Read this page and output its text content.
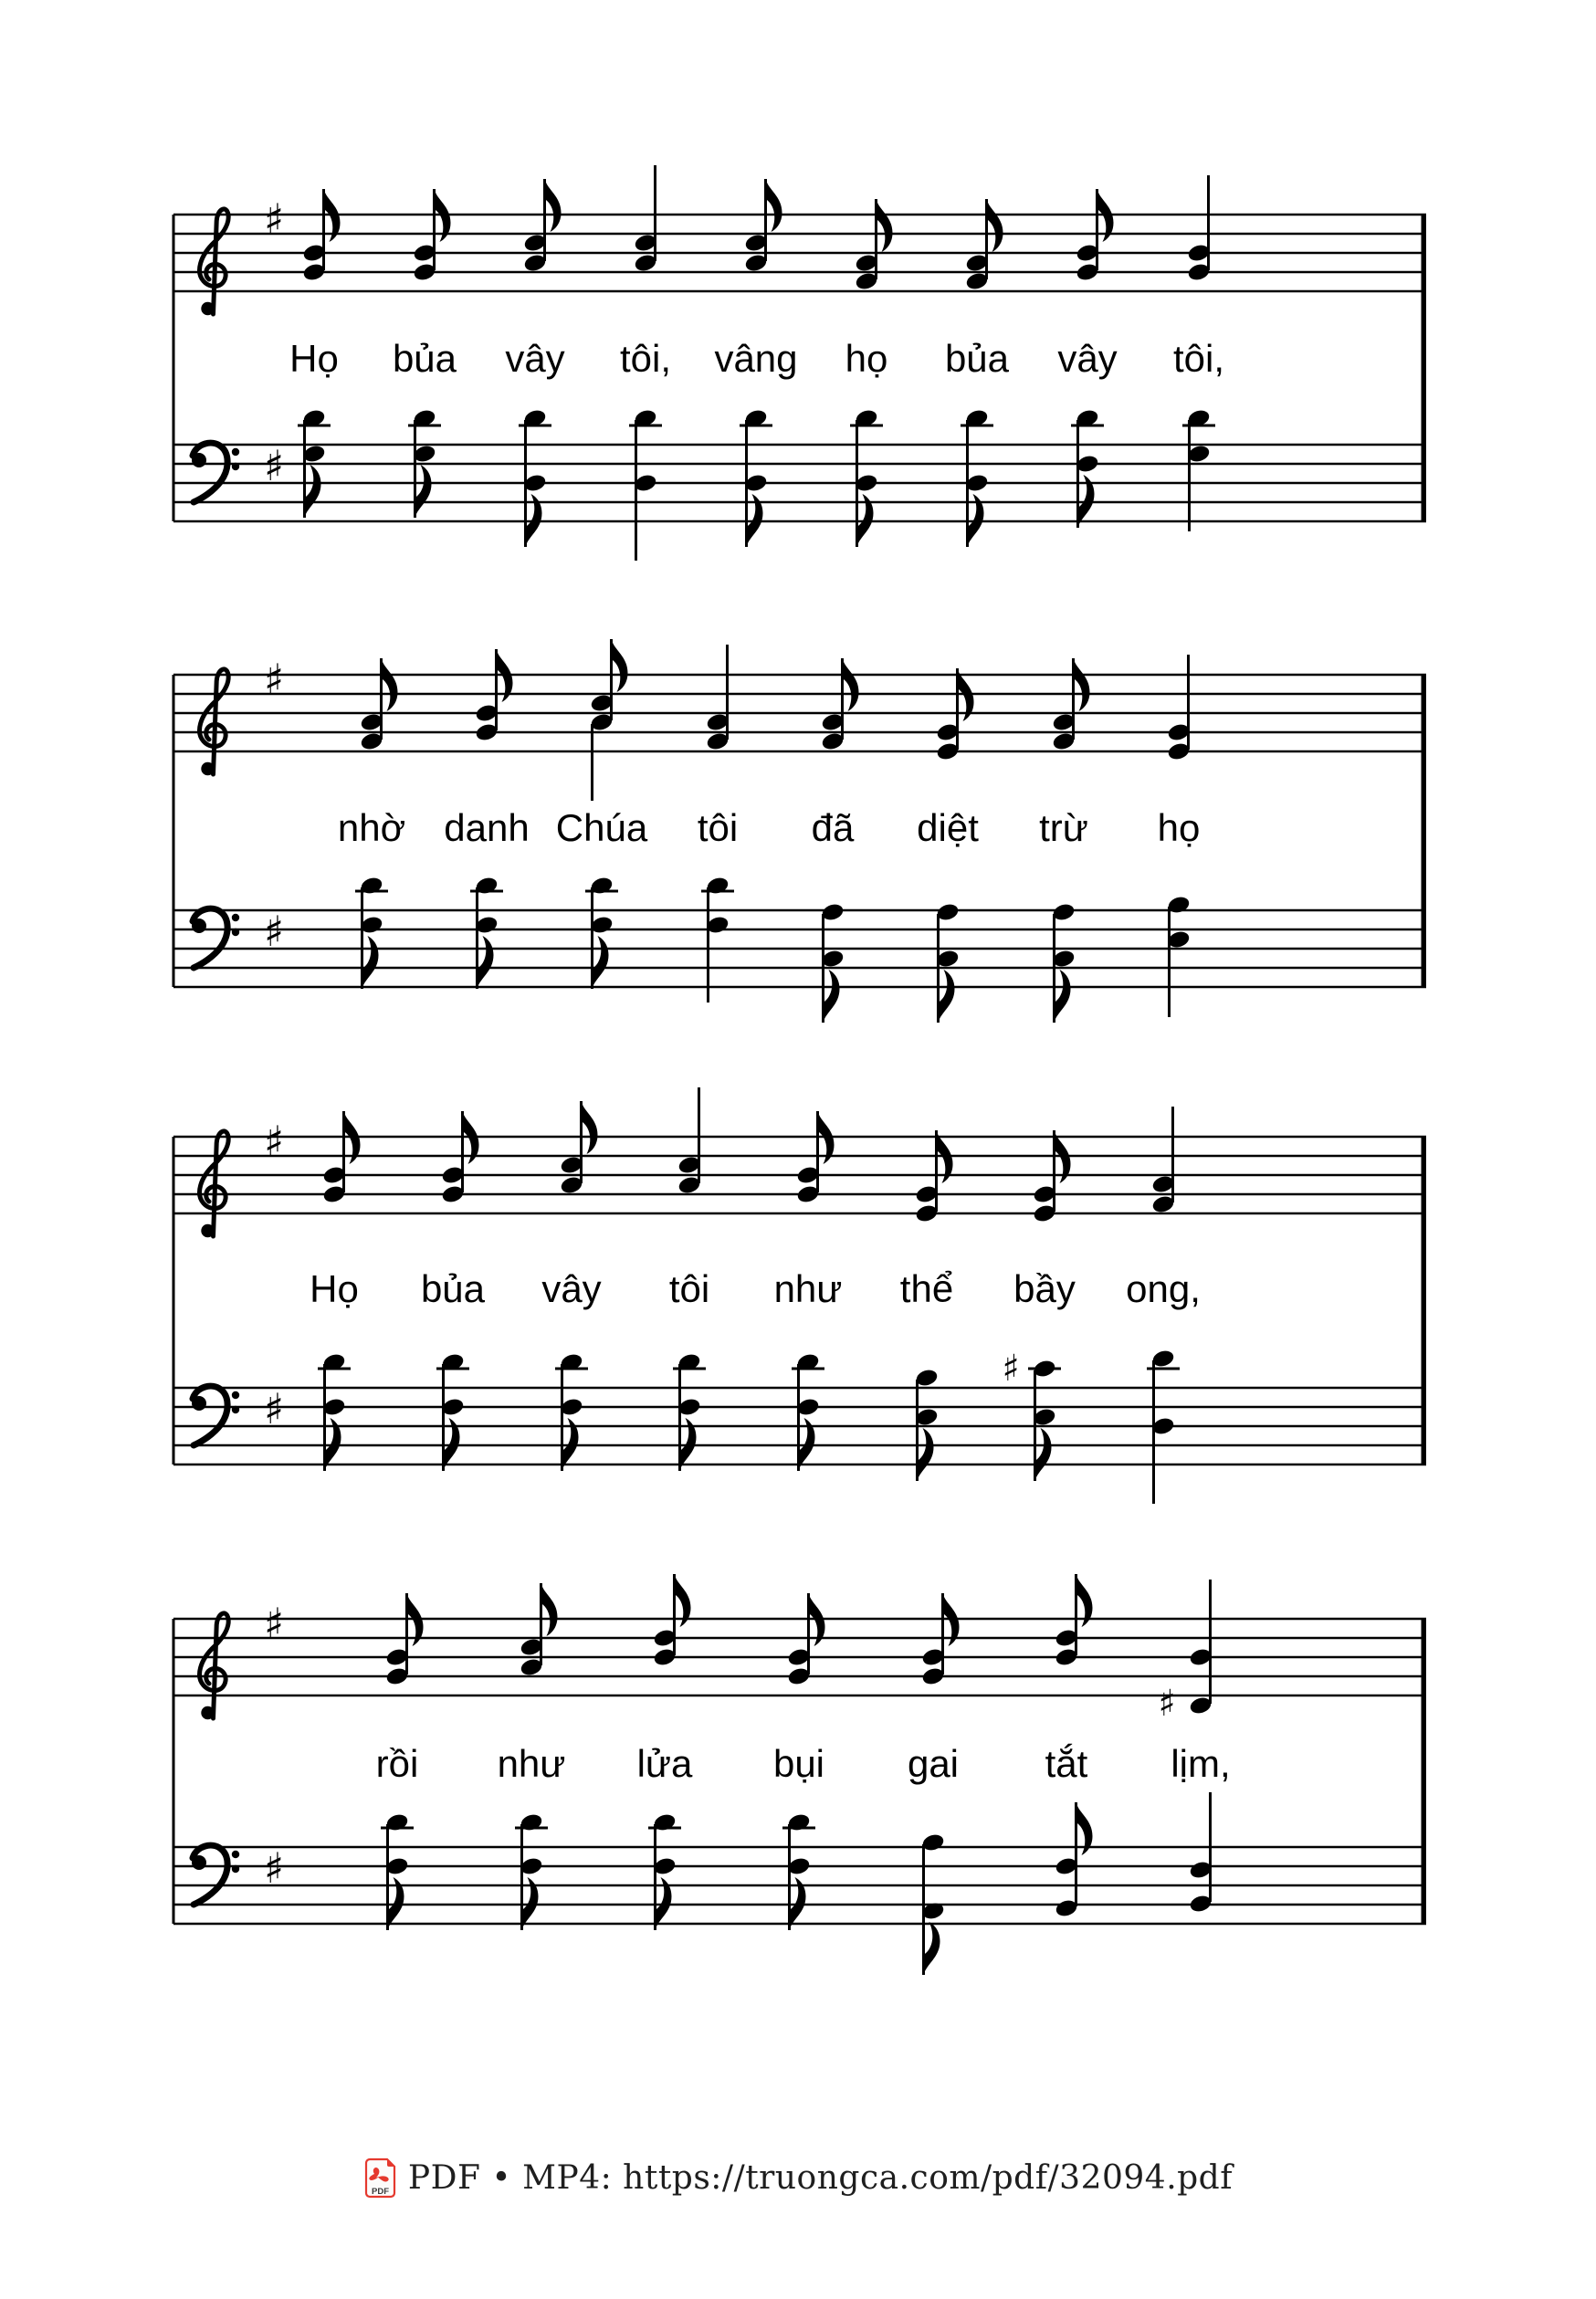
♯
♯
Họ bủa vây tôi, vâng họ bủa vây tôi,
♯
♯
nhờ danh Chúa tôi đã diệt trừ họ
♯
♯
♯
Họ bủa vây tôi như thể bầy ong,
♯
♯
♯
rồi như lửa bụi gai tắt lịm,
PDF PDF • MP4: https://truongca.com/pdf/32094.pdf
